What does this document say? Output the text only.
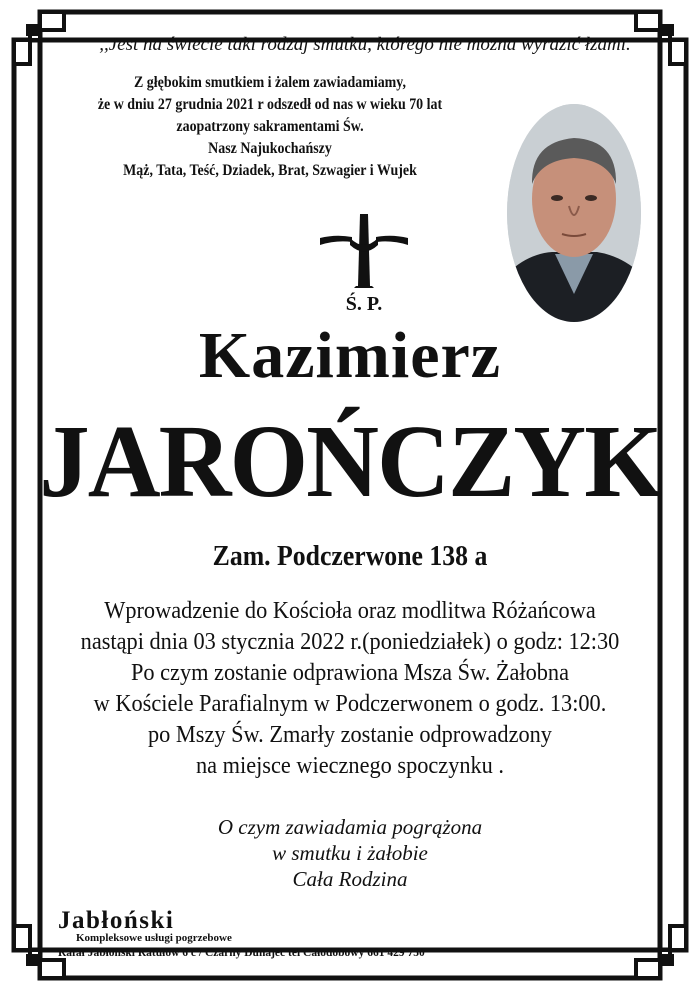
,,Jest na świecie taki rodzaj smutku, którego nie można wyrazić łzami.
Z głębokim smutkiem i żalem zawiadamiamy,
że w dniu 27 grudnia 2021 r odszedł od nas w wieku 70 lat
zaopatrzony sakramentami Św.
Nasz Najukochańszy
Mąż, Tata, Teść, Dziadek, Brat, Szwagier i Wujek
Ś. P.
Kazimierz
JAROŃCZYK
Zam. Podczerwone 138 a
Wprowadzenie do Kościoła oraz modlitwa Różańcowa
nastąpi dnia 03 stycznia 2022 r.(poniedziałek) o godz: 12:30
Po czym zostanie odprawiona Msza Św. Żałobna
w Kościele Parafialnym w Podczerwonem o godz. 13:00.
po Mszy Św. Zmarły zostanie odprowadzony
na miejsce wiecznego spoczynku .
O czym zawiadamia pogrążona
w smutku i żałobie
Cała Rodzina
Jabłoński
Kompleksowe usługi pogrzebowe
Rafał Jabłoński Ratułów 6 c / Czarny Dunajec tel Całodobowy 661 429 750
